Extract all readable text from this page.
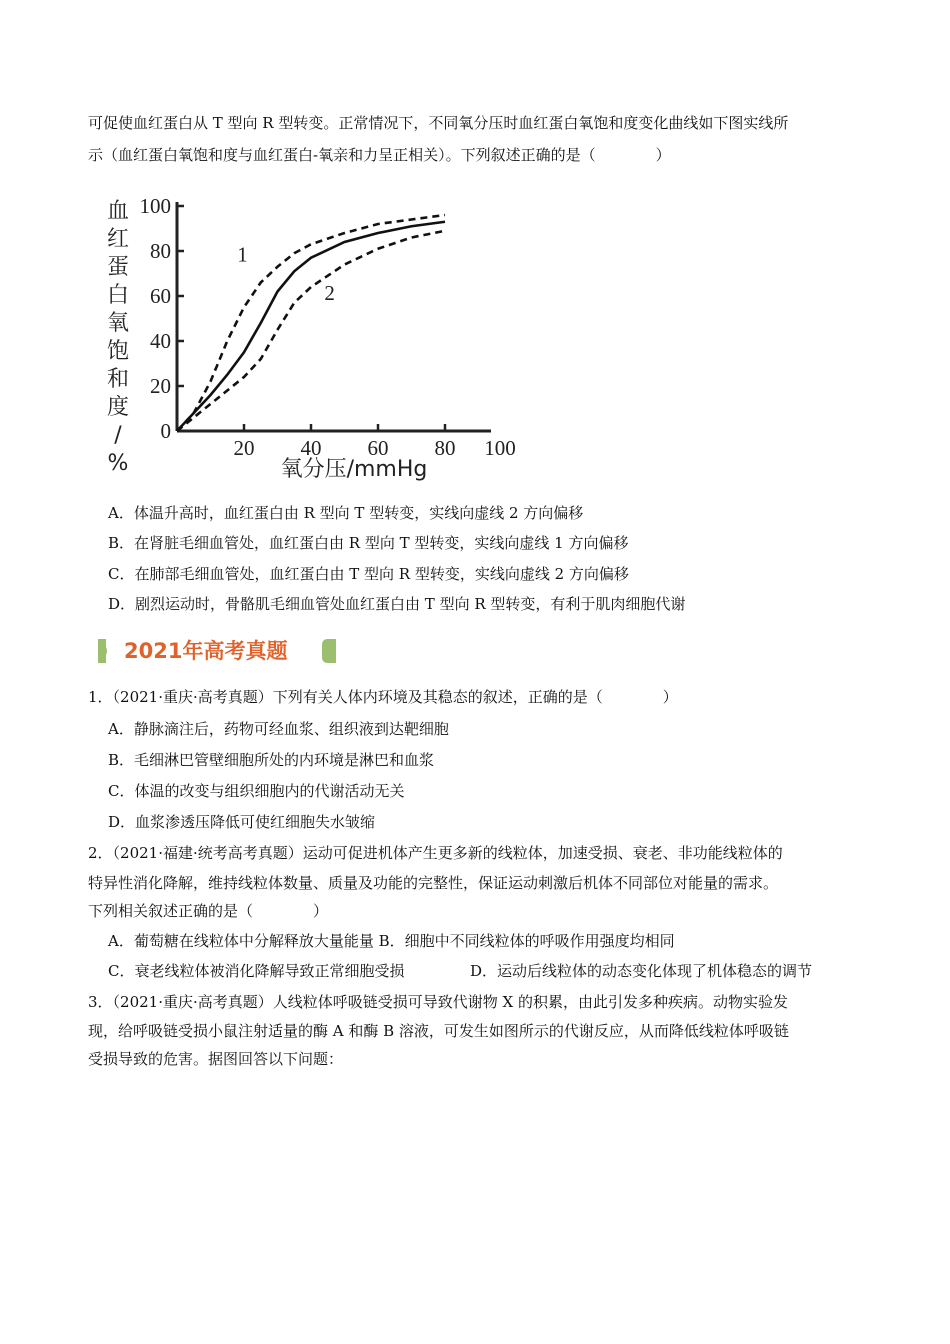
可促使血红蛋白从 T 型向 R 型转变。正常情况下，不同氧分压时血红蛋白氧饱和度变化曲线如下图实线所
示（血红蛋白氧饱和度与血红蛋白-氧亲和力呈正相关）。下列叙述正确的是（　　　　）
血
红
蛋
白
氧
饱
和
度
/
%
0
20
40
60
80
100
20 40 60 80 100
1
2
氧分压/mmHg
A．体温升高时，血红蛋白由 R 型向 T 型转变，实线向虚线 2 方向偏移
B．在肾脏毛细血管处，血红蛋白由 R 型向 T 型转变，实线向虚线 1 方向偏移
C．在肺部毛细血管处，血红蛋白由 T 型向 R 型转变，实线向虚线 2 方向偏移
D．剧烈运动时，骨骼肌毛细血管处血红蛋白由 T 型向 R 型转变，有利于肌肉细胞代谢
2021年高考真题
1．（2021·重庆·高考真题）下列有关人体内环境及其稳态的叙述，正确的是（　　　　）
A．静脉滴注后，药物可经血浆、组织液到达靶细胞
B．毛细淋巴管壁细胞所处的内环境是淋巴和血浆
C．体温的改变与组织细胞内的代谢活动无关
D．血浆渗透压降低可使红细胞失水皱缩
2．（2021·福建·统考高考真题）运动可促进机体产生更多新的线粒体，加速受损、衰老、非功能线粒体的
特异性消化降解，维持线粒体数量、质量及功能的完整性，保证运动刺激后机体不同部位对能量的需求。
下列相关叙述正确的是（　　　　）
A．葡萄糖在线粒体中分解释放大量能量 B．细胞中不同线粒体的呼吸作用强度均相同
C．衰老线粒体被消化降解导致正常细胞受损	D．运动后线粒体的动态变化体现了机体稳态的调节
3．（2021·重庆·高考真题）人线粒体呼吸链受损可导致代谢物 X 的积累，由此引发多种疾病。动物实验发
现，给呼吸链受损小鼠注射适量的酶 A 和酶 B 溶液，可发生如图所示的代谢反应，从而降低线粒体呼吸链
受损导致的危害。据图回答以下问题：
